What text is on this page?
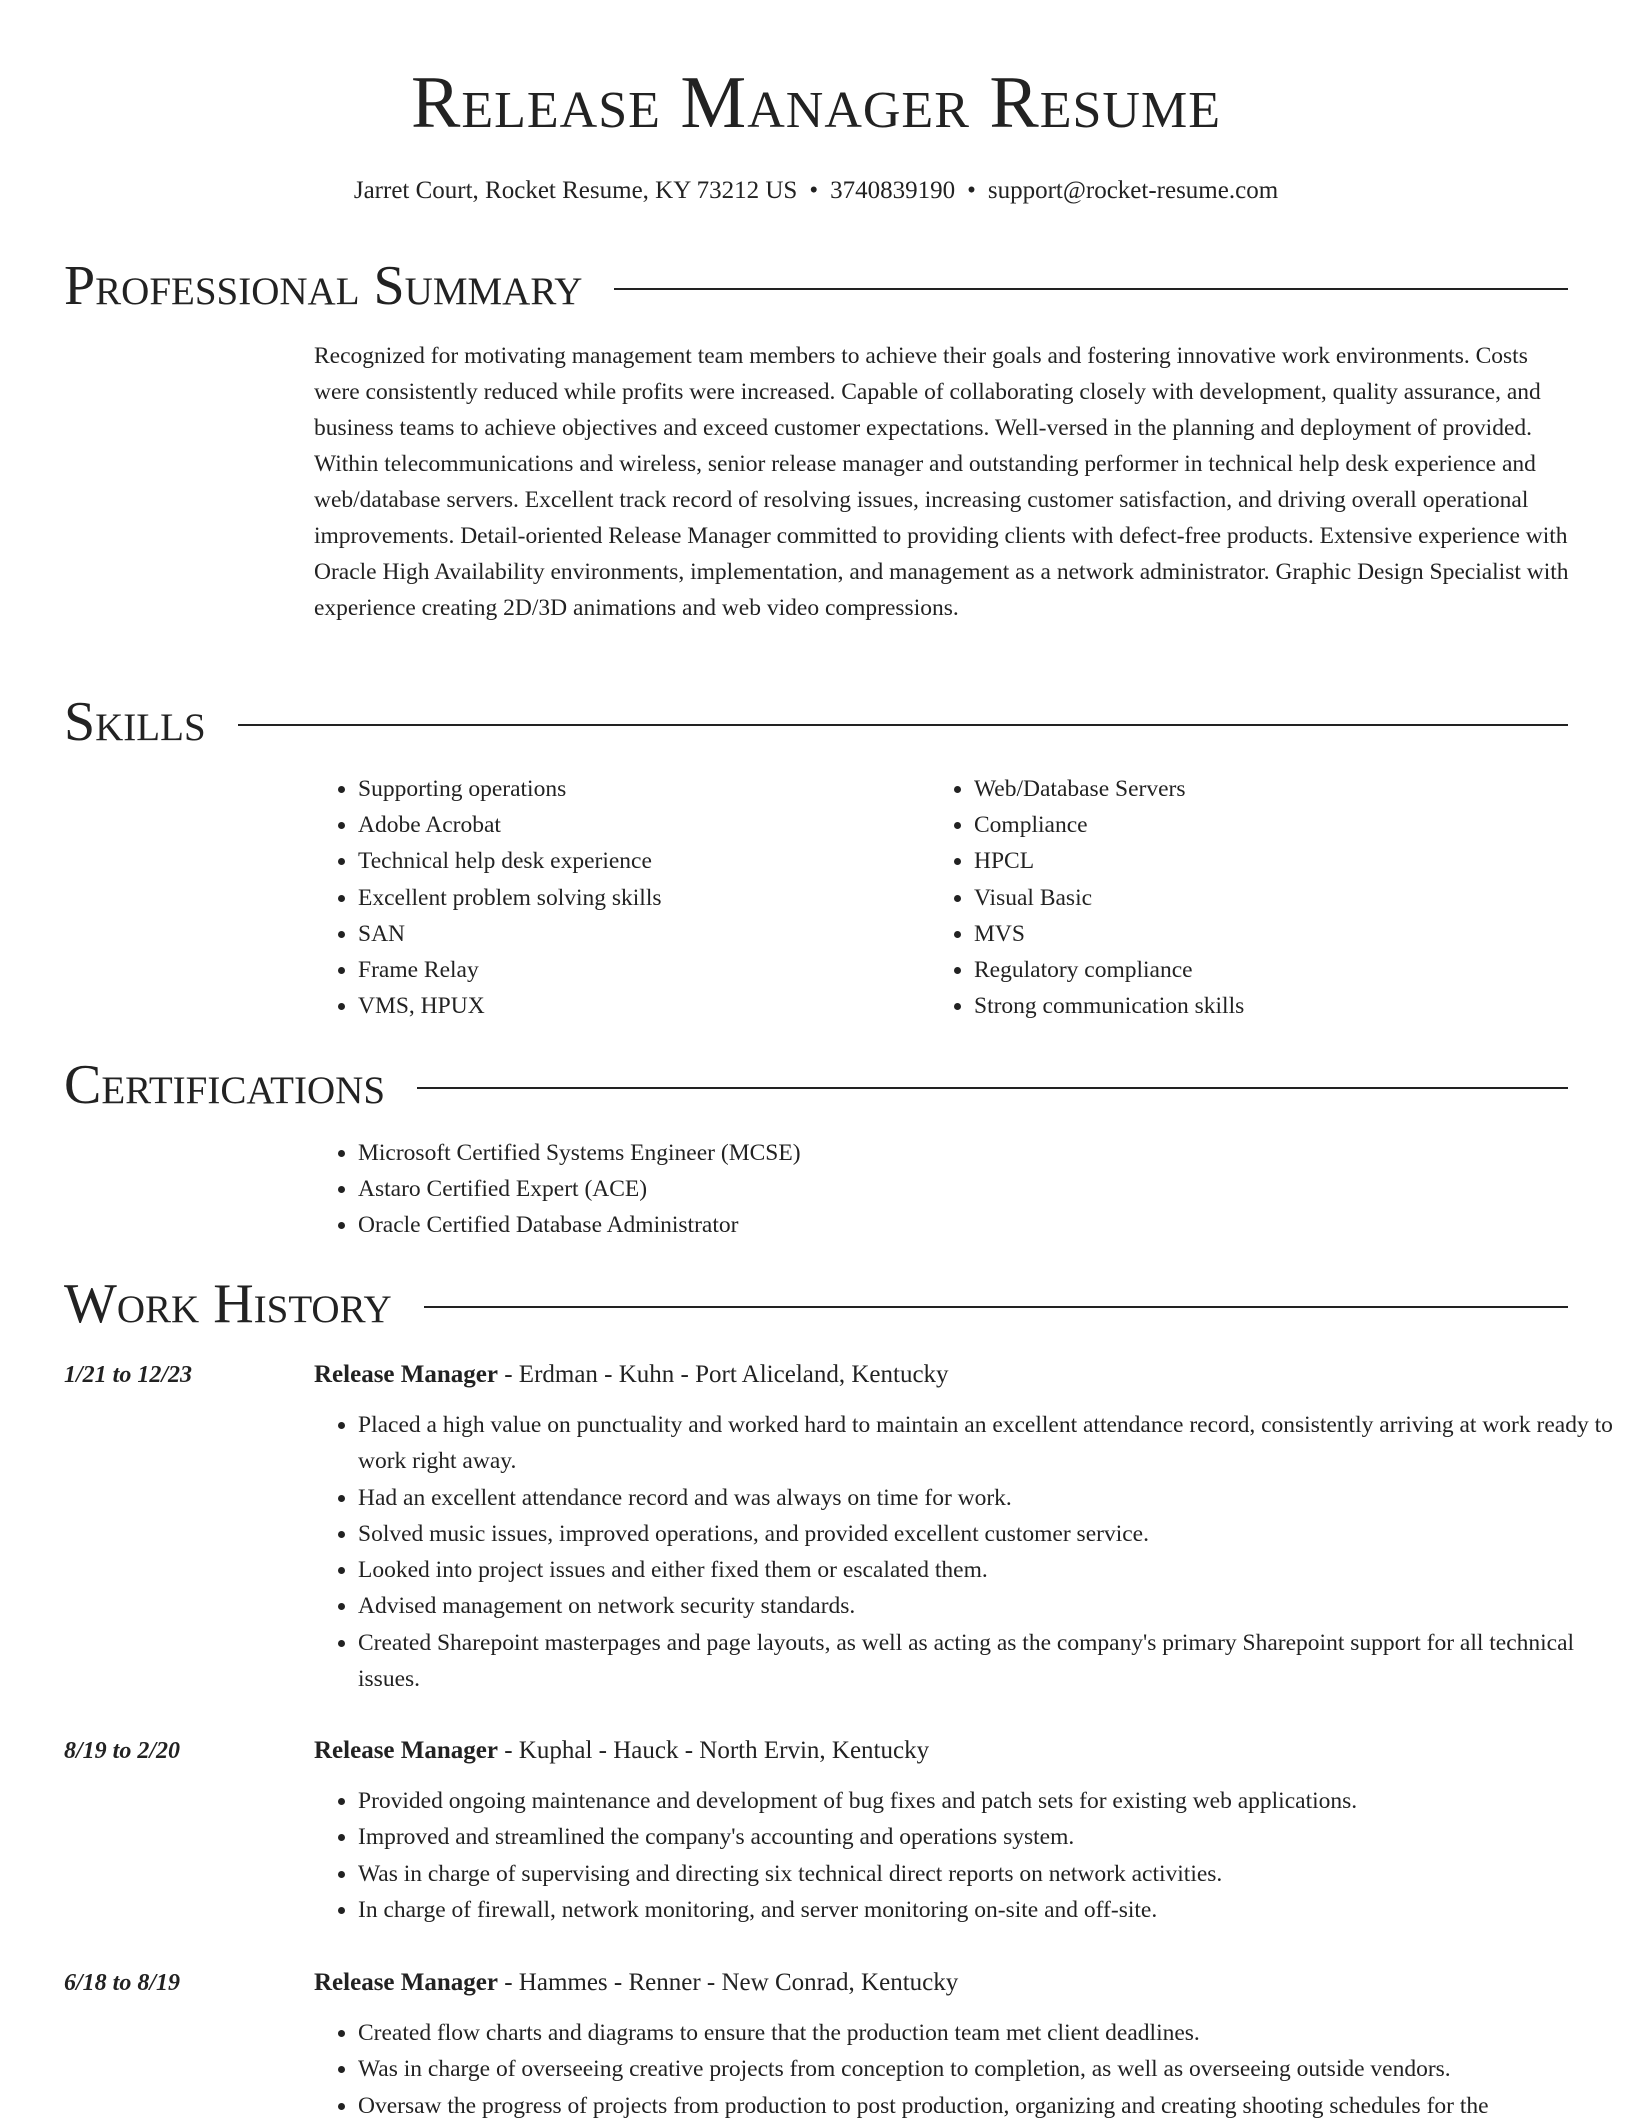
Release Manager Resume
Jarret Court, Rocket Resume, KY 73212 US • 3740839190 • support@rocket-resume.com
Professional Summary

Recognized for motivating management team members to achieve their goals and fostering innovative work environments. Costs were consistently reduced while profits were increased. Capable of collaborating closely with development, quality assurance, and business teams to achieve objectives and exceed customer expectations. Well-versed in the planning and deployment of provided. Within telecommunications and wireless, senior release manager and outstanding performer in technical help desk experience and web/database servers. Excellent track record of resolving issues, increasing customer satisfaction, and driving overall operational improvements. Detail-oriented Release Manager committed to providing clients with defect-free products. Extensive experience with Oracle High Availability environments, implementation, and management as a network administrator. Graphic Design Specialist with experience creating 2D/3D animations and web video compressions.

Skills
• Supporting operations
• Adobe Acrobat
• Technical help desk experience
• Excellent problem solving skills
• SAN
• Frame Relay
• VMS, HPUX
• Web/Database Servers
• Compliance
• HPCL
• Visual Basic
• MVS
• Regulatory compliance
• Strong communication skills
Certifications
• Microsoft Certified Systems Engineer (MCSE)
• Astaro Certified Expert (ACE)
• Oracle Certified Database Administrator
Work History
1/21 to 12/23	Release Manager - Erdman - Kuhn - Port Aliceland, Kentucky
• Placed a high value on punctuality and worked hard to maintain an excellent attendance record, consistently arriving at work ready to work right away.
• Had an excellent attendance record and was always on time for work.
• Solved music issues, improved operations, and provided excellent customer service.
• Looked into project issues and either fixed them or escalated them.
• Advised management on network security standards.
• Created Sharepoint masterpages and page layouts, as well as acting as the company's primary Sharepoint support for all technical issues.
8/19 to 2/20	Release Manager - Kuphal - Hauck - North Ervin, Kentucky
• Provided ongoing maintenance and development of bug fixes and patch sets for existing web applications.
• Improved and streamlined the company's accounting and operations system.
• Was in charge of supervising and directing six technical direct reports on network activities.
• In charge of firewall, network monitoring, and server monitoring on-site and off-site.
6/18 to 8/19	Release Manager - Hammes - Renner - New Conrad, Kentucky
• Created flow charts and diagrams to ensure that the production team met client deadlines.
• Was in charge of overseeing creative projects from conception to completion, as well as overseeing outside vendors.
• Oversaw the progress of projects from production to post production, organizing and creating shooting schedules for the
